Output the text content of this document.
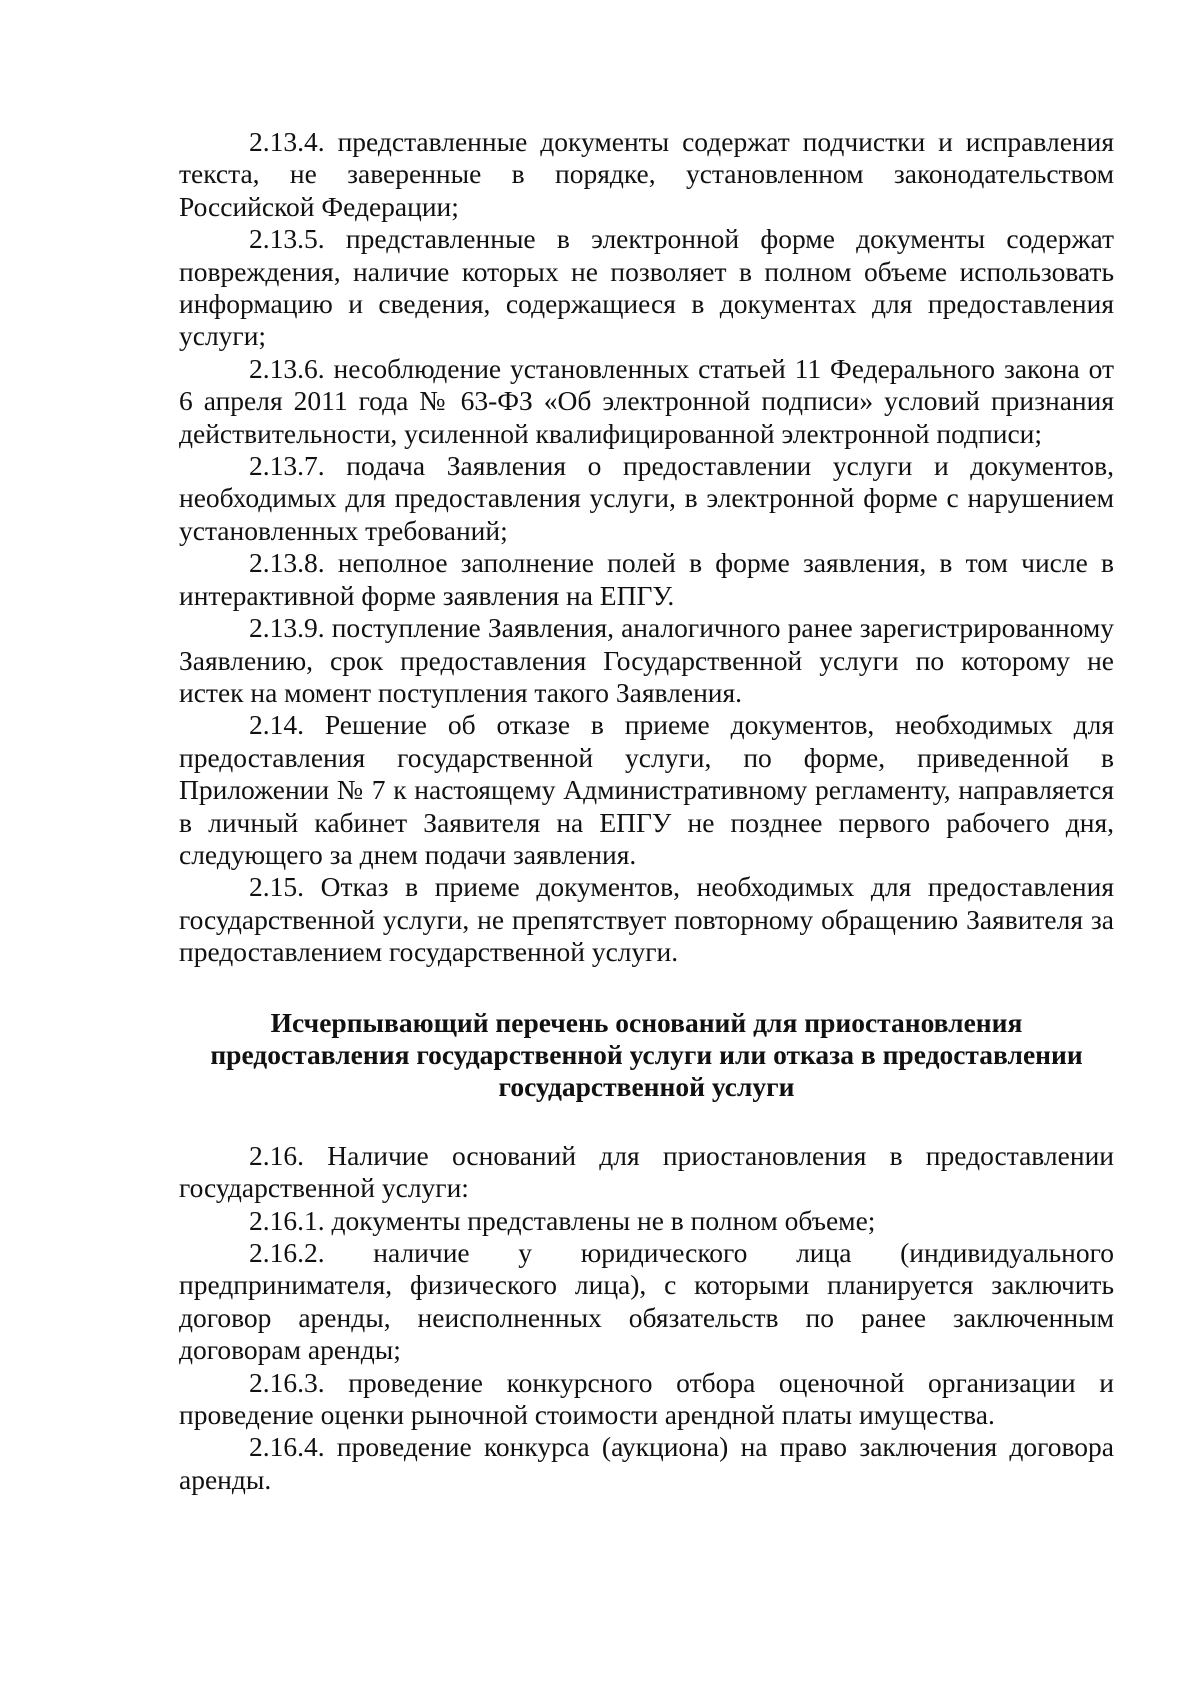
2.13.4. представленные документы содержат подчистки и исправления текста, не заверенные в порядке, установленном законодательством Российской Федерации;

2.13.5. представленные в электронной форме документы содержат повреждения, наличие которых не позволяет в полном объеме использовать информацию и сведения, содержащиеся в документах для предоставления услуги;

2.13.6. несоблюдение установленных статьей 11 Федерального закона от 6 апреля 2011 года № 63-ФЗ «Об электронной подписи» условий признания действительности, усиленной квалифицированной электронной подписи;

2.13.7. подача Заявления о предоставлении услуги и документов, необходимых для предоставления услуги, в электронной форме с нарушением установленных требований;

2.13.8. неполное заполнение полей в форме заявления, в том числе в интерактивной форме заявления на ЕПГУ.

2.13.9. поступление Заявления, аналогичного ранее зарегистрированному Заявлению, срок предоставления Государственной услуги по которому не истек на момент поступления такого Заявления.

2.14. Решение об отказе в приеме документов, необходимых для предоставления государственной услуги, по форме, приведенной в Приложении № 7 к настоящему Административному регламенту, направляется в личный кабинет Заявителя на ЕПГУ не позднее первого рабочего дня, следующего за днем подачи заявления.

2.15. Отказ в приеме документов, необходимых для предоставления государственной услуги, не препятствует повторному обращению Заявителя за предоставлением государственной услуги.

Исчерпывающий перечень оснований для приостановления
предоставления государственной услуги или отказа в предоставлении
государственной услуги

2.16. Наличие оснований для приостановления в предоставлении государственной услуги:

2.16.1. документы представлены не в полном объеме;

2.16.2. наличие у юридического лица (индивидуального предпринимателя, физического лица), с которыми планируется заключить договор аренды, неисполненных обязательств по ранее заключенным договорам аренды;

2.16.3. проведение конкурсного отбора оценочной организации и проведение оценки рыночной стоимости арендной платы имущества.

2.16.4. проведение конкурса (аукциона) на право заключения договора аренды.
